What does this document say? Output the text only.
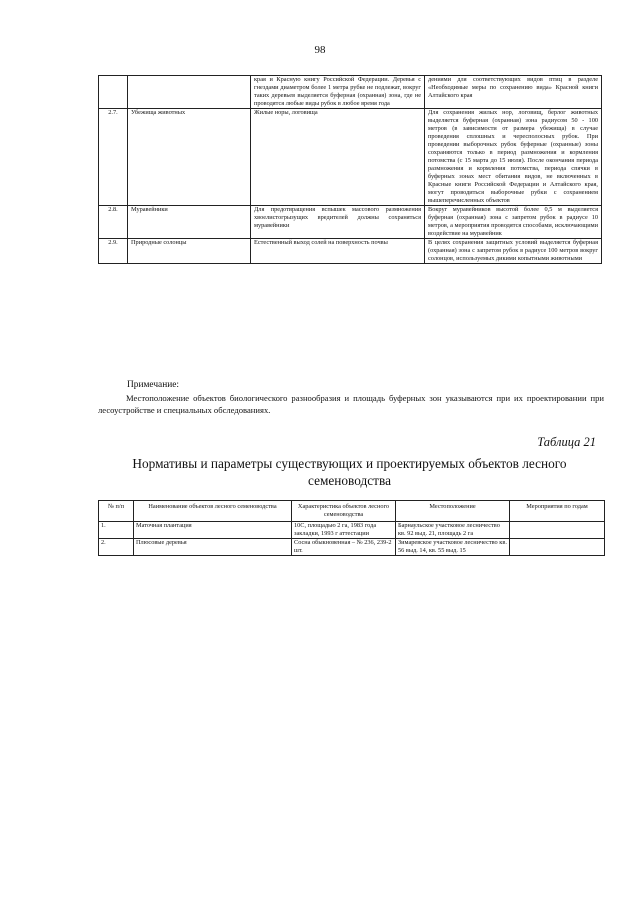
98
		края и Красную книгу Российской Федерации. Деревья с гнездами диаметром более 1 метра рубке не подлежат, вокруг таких деревьев выделяется буферная (охранная) зона, где не проводятся любые виды рубок в любое время года	дениями для соответствующих видов птиц в разделе «Необходимые меры по сохранению вида» Красной книги Алтайского края
2.7.	Убежища животных	Жилые норы, логовища	Для сохранения жилых нор, логовищ, берлог животных выделяется буферная (охранная) зона радиусом 50 - 100 метров (в зависимости от размера убежища) в случае проведения сплошных и чересполосных рубок. При проведении выборочных рубок буферные (охранные) зоны сохраняются только в период размножения и кормления потомства (с 15 марта до 15 июля). После окончания периода размножения и кормления потомства, периода спячки в буферных зонах мест обитания видов, не включенных в Красные книги Российской Федерации и Алтайского края, могут проводиться выборочные рубки с сохранением вышеперечисленных объектов
2.8.	Муравейники	Для предотвращения вспышек массового размножения хвоелистогрызущих вредителей должны сохраняться муравейники	Вокруг муравейников высотой более 0,5 м выделяется буферная (охранная) зона с запретом рубок в радиусе 10 метров, а мероприятия проводятся способами, исключающими воздействие на муравейник
2.9.	Природные солонцы	Естественный выход солей на поверхность почвы	В целях сохранения защитных условий выделяется буферная (охранная) зона с запретом рубок в радиусе 100 метров вокруг солонцов, используемых дикими копытными животными
Примечание:
Местоположение объектов биологического разнообразия и площадь буферных зон указываются при их проектировании при лесоустройстве и специальных обследованиях.
Таблица 21
Нормативы и параметры существующих и проектируемых объектов лесного семеноводства
№ п/п	Наименование объектов лесного семеноводства	Характеристика объектов лесного семеноводства	Местоположение	Мероприятия по годам
1.	Маточная плантация	10С, площадью 2 га, 1983 года закладки, 1993 г аттестации	Барнаульское участковое лесничество кв. 92 выд. 21, площадь 2 га	
2.	Плюсовые деревья	Сосна обыкновенная – № 236, 239-2 шт.	Зимаревское участковое лесничество кв. 56 выд. 14, кв. 55 выд. 15	
